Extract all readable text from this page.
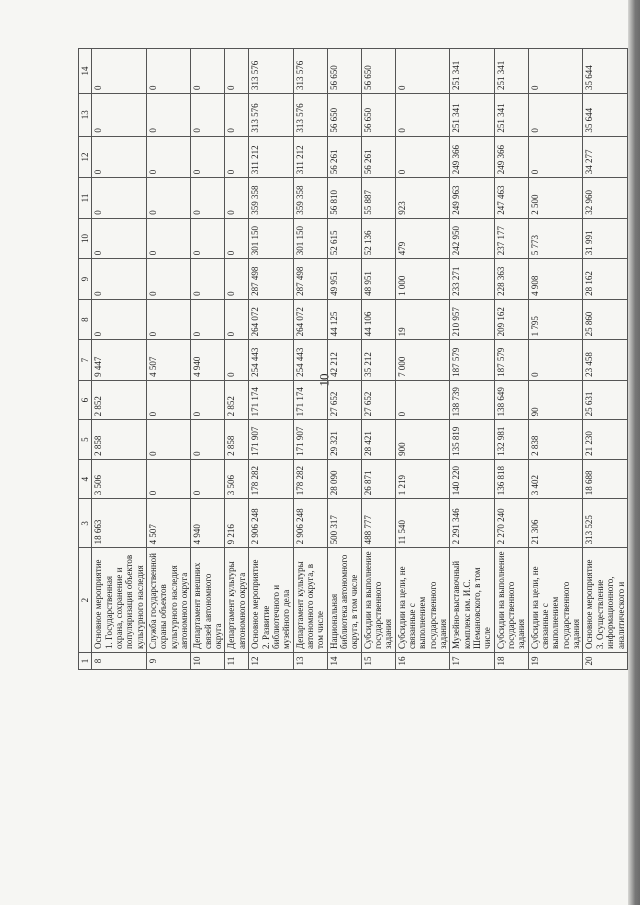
10
1	2	3	4	5	6	7	8	9	10	11	12	13	14
8	Основное мероприятие 1. Государственная охрана, сохранение и популяризация объектов культурного наследия	18 663	3 506	2 858	2 852	9 447	0	0	0	0	0	0	0
9	Служба государственной охраны объектов культурного наследия автономного округа	4 507	0	0	0	4 507	0	0	0	0	0	0	0
10	Департамент внешних связей автономного округа	4 940	0	0	0	4 940	0	0	0	0	0	0	0
11	Департамент культуры автономного округа	9 216	3 506	2 858	2 852	0	0	0	0	0	0	0	0
12	Основное мероприятие 2. Развитие библиотечного и музейного дела	2 906 248	178 282	171 907	171 174	254 443	264 072	287 498	301 150	359 358	311 212	313 576	313 576
13	Департамент культуры автономного округа, в том числе	2 906 248	178 282	171 907	171 174	254 443	264 072	287 498	301 150	359 358	311 212	313 576	313 576
14	Национальная библиотека автономного округа, в том числе	500 317	28 090	29 321	27 652	42 212	44 125	49 951	52 615	56 810	56 261	56 650	56 650
15	Субсидии на выполнение государственного задания	488 777	26 871	28 421	27 652	35 212	44 106	48 951	52 136	55 887	56 261	56 650	56 650
16	Субсидии на цели, не связанные с выполнением государственного задания	11 540	1 219	900	0	7 000	19	1 000	479	923	0	0	0
17	Музейно-выставочный комплекс им. И.С. Шемановского, в том числе	2 291 346	140 220	135 819	138 739	187 579	210 957	233 271	242 950	249 963	249 366	251 341	251 341
18	Субсидии на выполнение государственного задания	2 270 240	136 818	132 981	138 649	187 579	209 162	228 363	237 177	247 463	249 366	251 341	251 341
19	Субсидии на цели, не связанные с выполнением государственного задания	21 306	3 402	2 838	90	0	1 795	4 908	5 773	2 500	0	0	0
20	Основное мероприятие 3. Осуществление информационного, аналитического и	313 525	18 688	21 230	25 631	23 458	25 860	28 162	31 991	32 960	34 277	35 644	35 644
